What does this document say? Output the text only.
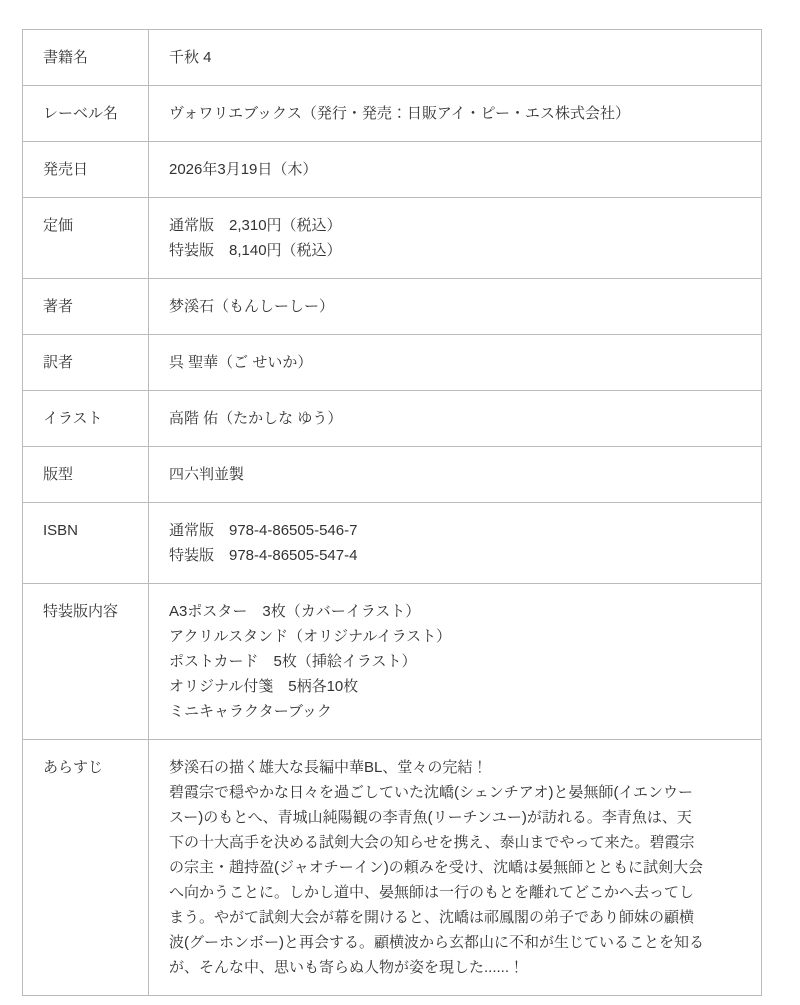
書籍名	千秋 4

レーベル名	ヴォワリエブックス（発行・発売：日販アイ・ピー・エス株式会社）

発売日	2026年3月19日（木）

定価	通常版　2,310円（税込）
特装版　8,140円（税込）

著者	梦溪石（もんしーしー）

訳者	呉 聖華（ご せいか）

イラスト	高階 佑（たかしな ゆう）

版型	四六判並製

ISBN	通常版　978-4-86505-546-7
特装版　978-4-86505-547-4

特装版内容	A3ポスター　3枚（カバーイラスト）
アクリルスタンド（オリジナルイラスト）
ポストカード　5枚（挿絵イラスト）
オリジナル付箋　5柄各10枚
ミニキャラクターブック

あらすじ	梦溪石の描く雄大な長編中華BL、堂々の完結！
碧霞宗で穏やかな日々を過ごしていた沈嶠(シェンチアオ)と晏無師(イエンウー
スー)のもとへ、青城山純陽観の李青魚(リーチンユー)が訪れる。李青魚は、天
下の十大高手を決める試剣大会の知らせを携え、泰山までやって来た。碧霞宗
の宗主・趙持盈(ジャオチーイン)の頼みを受け、沈嶠は晏無師とともに試剣大会
へ向かうことに。しかし道中、晏無師は一行のもとを離れてどこかへ去ってし
まう。やがて試剣大会が幕を開けると、沈嶠は祁鳳閣の弟子であり師妹の顧横
波(グーホンボー)と再会する。顧横波から玄都山に不和が生じていることを知る
が、そんな中、思いも寄らぬ人物が姿を現した......！
